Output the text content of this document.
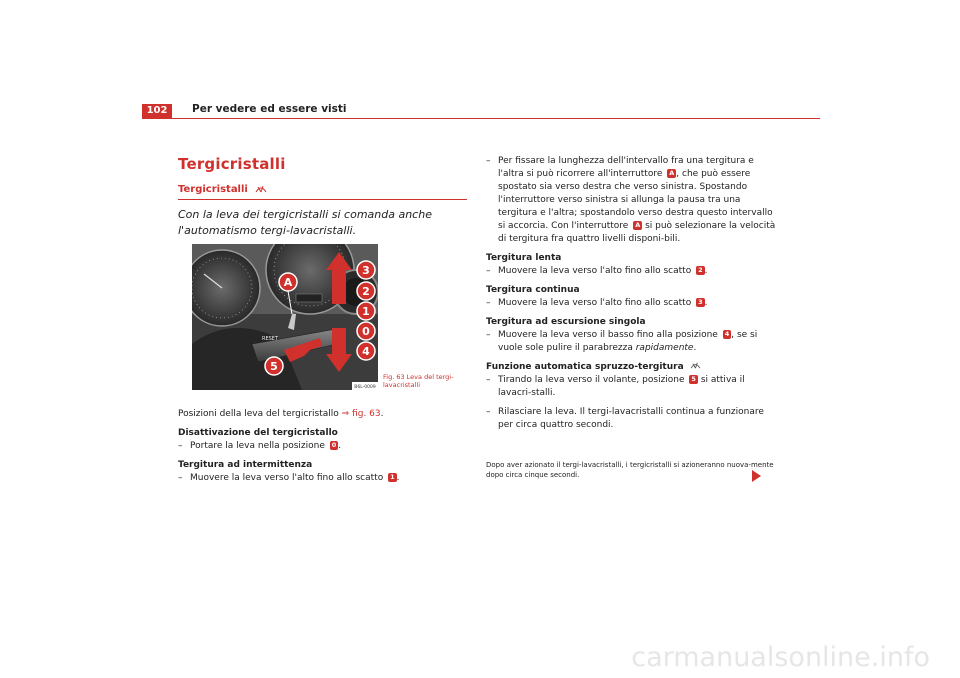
102	Per vedere ed essere visti
Tergicristalli
Tergicristalli
Con la leva dei tergicristalli si comanda anche l'automatismo tergi-lavacristalli.
RESET
A
3
2
1
0
4
5
B6L-0009
Fig. 63 Leva del tergi-lavacristalli

Posizioni della leva del tergicristallo ⇒ fig. 63.

Disattivazione del tergicristallo

– Portare la leva nella posizione 0 .

Tergitura ad intermittenza

– Muovere la leva verso l'alto fino allo scatto 1 .
– Per fissare la lunghezza dell'intervallo fra una tergitura e l'altra si può ricorrere all'interruttore A , che può essere spostato sia verso destra che verso sinistra. Spostando l'interruttore verso sinistra si allunga la pausa tra una tergitura e l'altra; spostandolo verso destra questo intervallo si accorcia. Con l'interruttore A si può selezionare la velocità di tergitura fra quattro livelli disponi-bili.

Tergitura lenta

– Muovere la leva verso l'alto fino allo scatto 2 .

Tergitura continua

– Muovere la leva verso l'alto fino allo scatto 3 .

Tergitura ad escursione singola

– Muovere la leva verso il basso fino alla posizione 4 , se si vuole sole pulire il parabrezza rapidamente.

Funzione automatica spruzzo-tergitura

– Tirando la leva verso il volante, posizione 5 si attiva il lavacri-stalli.
– Rilasciare la leva. Il tergi-lavacristalli continua a funzionare per circa quattro secondi.
Dopo aver azionato il tergi-lavacristalli, i tergicristalli si azioneranno nuova-mente dopo circa cinque secondi.
carmanualsonline.info
